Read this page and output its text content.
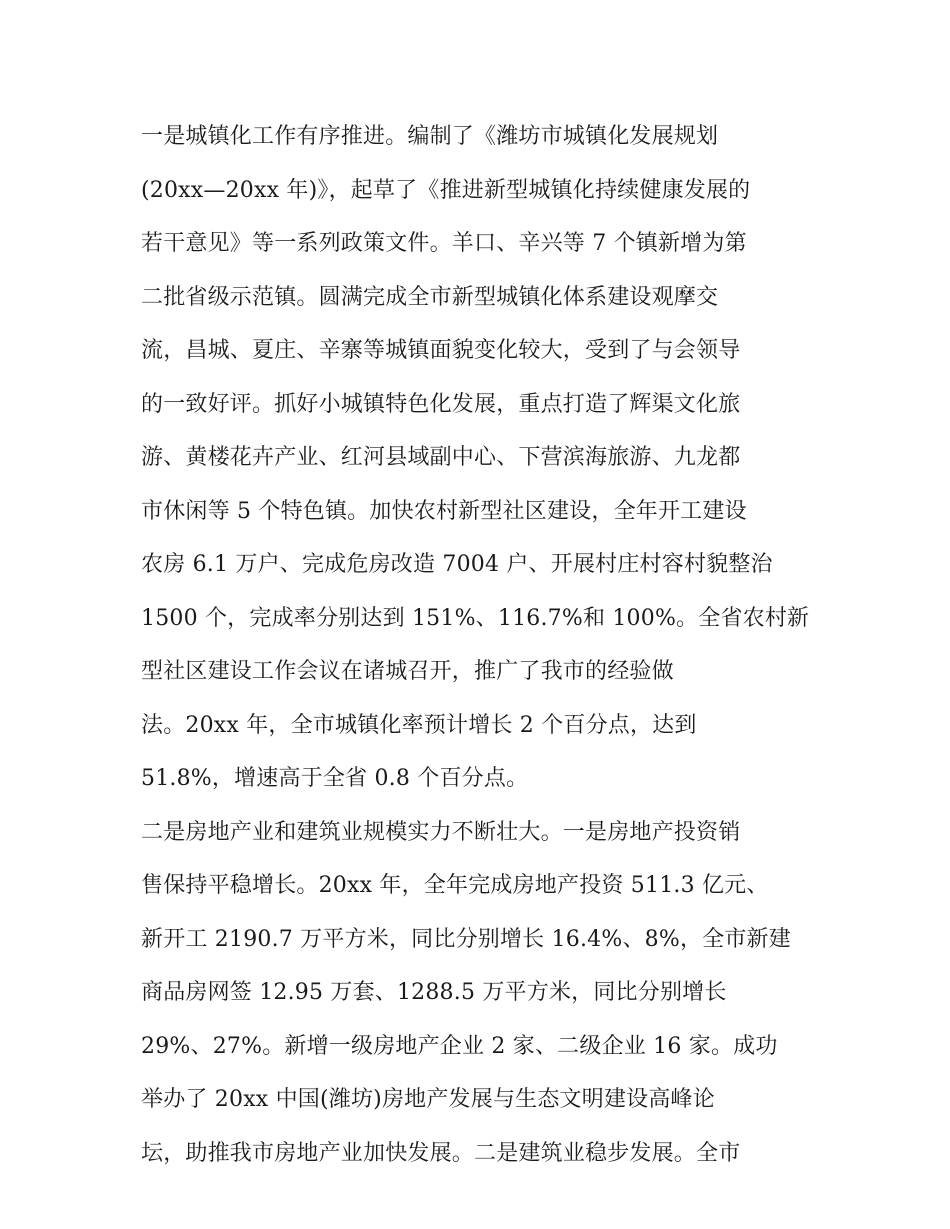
一是城镇化工作有序推进。编制了《潍坊市城镇化发展规划
(20xx—20xx 年)》，起草了《推进新型城镇化持续健康发展的
若干意见》等一系列政策文件。羊口、辛兴等 7 个镇新增为第
二批省级示范镇。圆满完成全市新型城镇化体系建设观摩交
流，昌城、夏庄、辛寨等城镇面貌变化较大，受到了与会领导
的一致好评。抓好小城镇特色化发展，重点打造了辉渠文化旅
游、黄楼花卉产业、红河县域副中心、下营滨海旅游、九龙都
市休闲等 5 个特色镇。加快农村新型社区建设，全年开工建设
农房 6.1 万户、完成危房改造 7004 户、开展村庄村容村貌整治
1500 个，完成率分别达到 151%、116.7%和 100%。全省农村新
型社区建设工作会议在诸城召开，推广了我市的经验做
法。20xx 年，全市城镇化率预计增长 2 个百分点，达到
51.8%，增速高于全省 0.8 个百分点。
二是房地产业和建筑业规模实力不断壮大。一是房地产投资销
售保持平稳增长。20xx 年，全年完成房地产投资 511.3 亿元、
新开工 2190.7 万平方米，同比分别增长 16.4%、8%，全市新建
商品房网签 12.95 万套、1288.5 万平方米，同比分别增长
29%、27%。新增一级房地产企业 2 家、二级企业 16 家。成功
举办了 20xx 中国(潍坊)房地产发展与生态文明建设高峰论
坛，助推我市房地产业加快发展。二是建筑业稳步发展。全市
